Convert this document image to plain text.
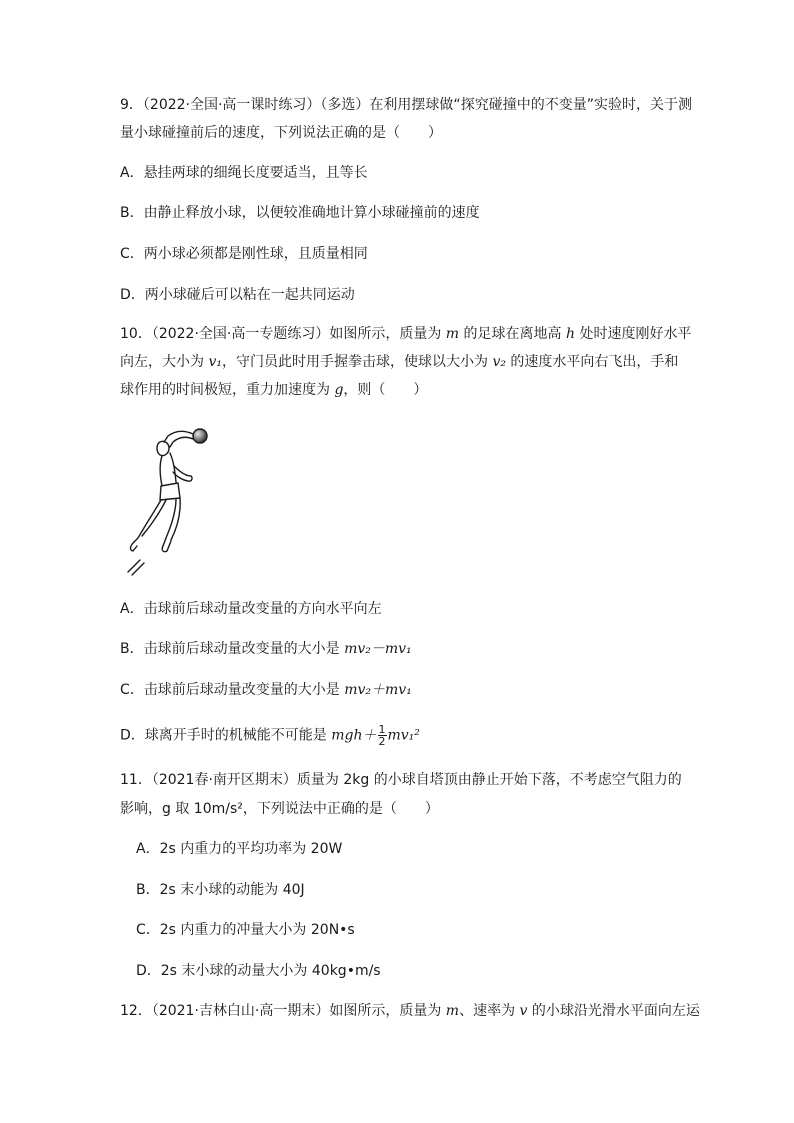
9．（2022·全国·高一课时练习）（多选）在利用摆球做“探究碰撞中的不变量”实验时，关于测
量小球碰撞前后的速度，下列说法正确的是（　　）
A．悬挂两球的细绳长度要适当，且等长
B．由静止释放小球，以便较准确地计算小球碰撞前的速度
C．两小球必须都是刚性球，且质量相同
D．两小球碰后可以粘在一起共同运动
10．（2022·全国·高一专题练习）如图所示，质量为 m 的足球在离地高 h 处时速度刚好水平
向左，大小为 v₁，守门员此时用手握拳击球，使球以大小为 v₂ 的速度水平向右飞出，手和
球作用的时间极短，重力加速度为 g，则（　　）
A．击球前后球动量改变量的方向水平向左
B．击球前后球动量改变量的大小是 mv₂－mv₁
C．击球前后球动量改变量的大小是 mv₂＋mv₁
D．球离开手时的机械能不可能是 $mgh+ \frac{1}{2} mv_1^2$
11．（2021春·南开区期末）质量为 2kg 的小球自塔顶由静止开始下落，不考虑空气阻力的
影响，g 取 10m/s²，下列说法中正确的是（　　）
A．2s 内重力的平均功率为 20W
B．2s 末小球的动能为 40J
C．2s 内重力的冲量大小为 20N•s
D．2s 末小球的动量大小为 40kg•m/s
12．（2021·吉林白山·高一期末）如图所示，质量为 m、速率为 v 的小球沿光滑水平面向左运
